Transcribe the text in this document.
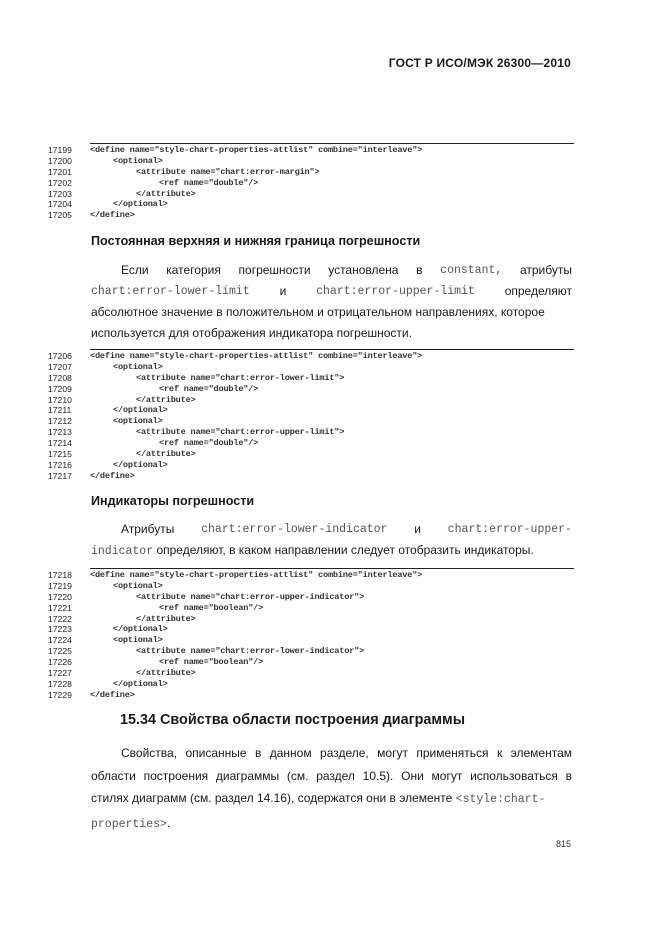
ГОСТ Р ИСО/МЭК 26300—2010
17199	<define name="style-chart-properties-attlist" combine="interleave">
17200	<optional>
17201	<attribute name="chart:error-margin">
17202	<ref name="double"/>
17203	</attribute>
17204	</optional>
17205	</define>
Постоянная верхняя и нижняя граница погрешности
Если категория погрешности установлена в constant, атрибуты
chart:error-lower-limit и	chart:error-upper-limit определяют
абсолютное значение в положительном и отрицательном направлениях, которое
используется для отображения индикатора погрешности.
17206	<define name="style-chart-properties-attlist" combine="interleave">
17207	<optional>
17208	<attribute name="chart:error-lower-limit">
17209	<ref name="double"/>
17210	</attribute>
17211	</optional>
17212	<optional>
17213	<attribute name="chart:error-upper-limit">
17214	<ref name="double"/>
17215	</attribute>
17216	</optional>
17217	</define>
Индикаторы погрешности
Атрибуты chart:error-lower-indicator и chart:error-upper-
indicator определяют, в каком направлении следует отобразить индикаторы.
17218	<define name="style-chart-properties-attlist" combine="interleave">
17219	<optional>
17220	<attribute name="chart:error-upper-indicator">
17221	<ref name="boolean"/>
17222	</attribute>
17223	</optional>
17224	<optional>
17225	<attribute name="chart:error-lower-indicator">
17226	<ref name="boolean"/>
17227	</attribute>
17228	</optional>
17229	</define>
15.34 Свойства области построения диаграммы
Свойства, описанные в данном разделе, могут применяться к элементам
области построения диаграммы (см. раздел 10.5). Они могут использоваться в
стилях диаграмм (см. раздел 14.16), содержатся они в элементе <style:chart-
properties>.
815
